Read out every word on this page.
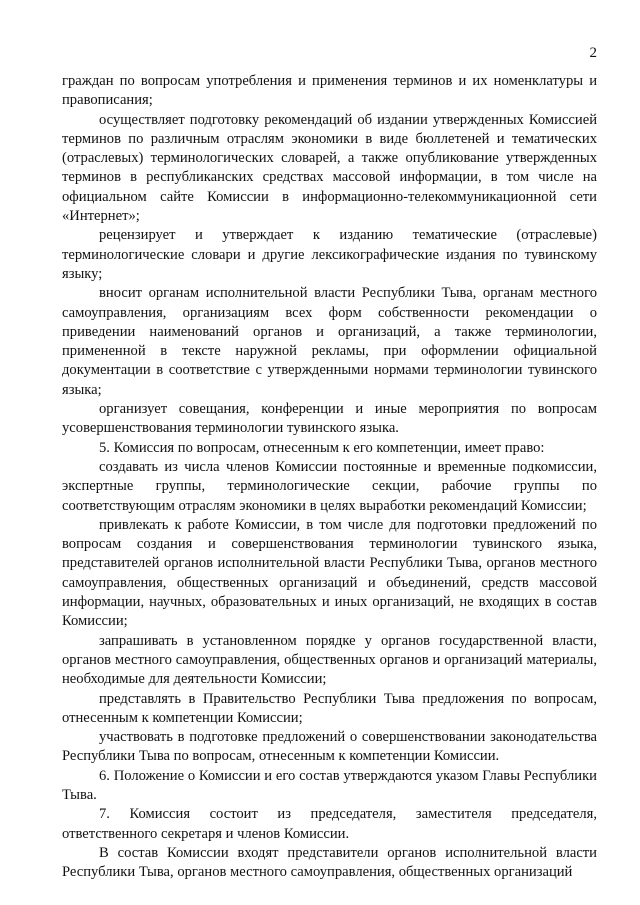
2

граждан по вопросам употребления и применения терминов и их номенклатуры и правописания;

осуществляет подготовку рекомендаций об издании утвержденных Комиссией терминов по различным отраслям экономики в виде бюллетеней и тематических (отраслевых) терминологических словарей, а также опубликование утвержденных терминов в республиканских средствах массовой информации, в том числе на официальном сайте Комиссии в информационно-телекоммуникационной сети «Интернет»;

рецензирует и утверждает к изданию тематические (отраслевые) терминологические словари и другие лексикографические издания по тувинскому языку;

вносит органам исполнительной власти Республики Тыва, органам местного самоуправления, организациям всех форм собственности рекомендации о приведении наименований органов и организаций, а также терминологии, примененной в тексте наружной рекламы, при оформлении официальной документации в соответствие с утвержденными нормами терминологии тувинского языка;

организует совещания, конференции и иные мероприятия по вопросам усовершенствования терминологии тувинского языка.

5. Комиссия по вопросам, отнесенным к его компетенции, имеет право:

создавать из числа членов Комиссии постоянные и временные подкомиссии, экспертные группы, терминологические секции, рабочие группы по соответствующим отраслям экономики в целях выработки рекомендаций Комиссии;

привлекать к работе Комиссии, в том числе для подготовки предложений по вопросам создания и совершенствования терминологии тувинского языка, представителей органов исполнительной власти Республики Тыва, органов местного самоуправления, общественных организаций и объединений, средств массовой информации, научных, образовательных и иных организаций, не входящих в состав Комиссии;

запрашивать в установленном порядке у органов государственной власти, органов местного самоуправления, общественных органов и организаций материалы, необходимые для деятельности Комиссии;

представлять в Правительство Республики Тыва предложения по вопросам, отнесенным к компетенции Комиссии;

участвовать в подготовке предложений о совершенствовании законодательства Республики Тыва по вопросам, отнесенным к компетенции Комиссии.

6. Положение о Комиссии и его состав утверждаются указом Главы Республики Тыва.

7. Комиссия состоит из председателя, заместителя председателя, ответственного секретаря и членов Комиссии.

В состав Комиссии входят представители органов исполнительной власти Республики Тыва, органов местного самоуправления, общественных организаций
